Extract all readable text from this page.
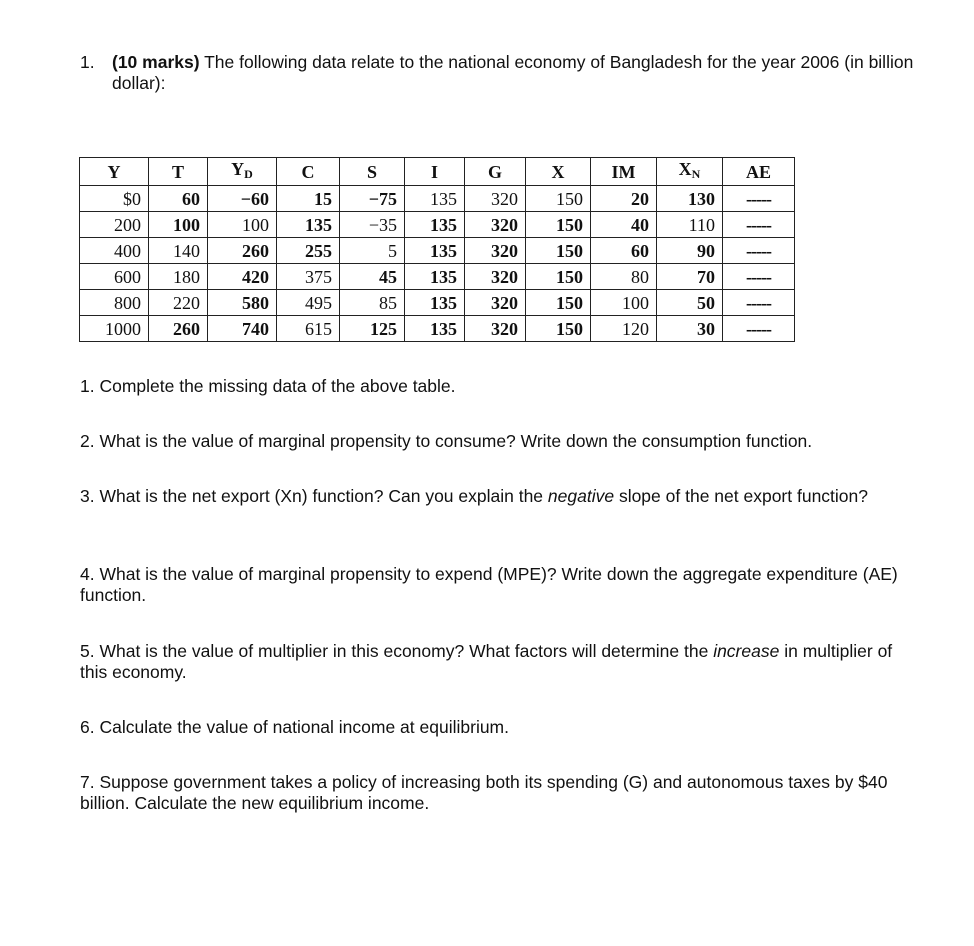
1. (10 marks) The following data relate to the national economy of Bangladesh for the year 2006 (in billion dollar):
Y	T	$Y_D$	C	S	I	G	X	IM	$X_N$	AE
$0	60	−60	15	−75	135	320	150	20	130	-----
200	100	100	135	−35	135	320	150	40	110	-----
400	140	260	255	5	135	320	150	60	90	-----
600	180	420	375	45	135	320	150	80	70	-----
800	220	580	495	85	135	320	150	100	50	-----
1000	260	740	615	125	135	320	150	120	30	-----
1. Complete the missing data of the above table.
2. What is the value of marginal propensity to consume? Write down the consumption function.
3. What is the net export (Xn) function? Can you explain the negative slope of the net export function?
4. What is the value of marginal propensity to expend (MPE)? Write down the aggregate expenditure (AE) function.
5. What is the value of multiplier in this economy? What factors will determine the increase in multiplier of this economy.
6. Calculate the value of national income at equilibrium.
7. Suppose government takes a policy of increasing both its spending (G) and autonomous taxes by $40 billion. Calculate the new equilibrium income.
